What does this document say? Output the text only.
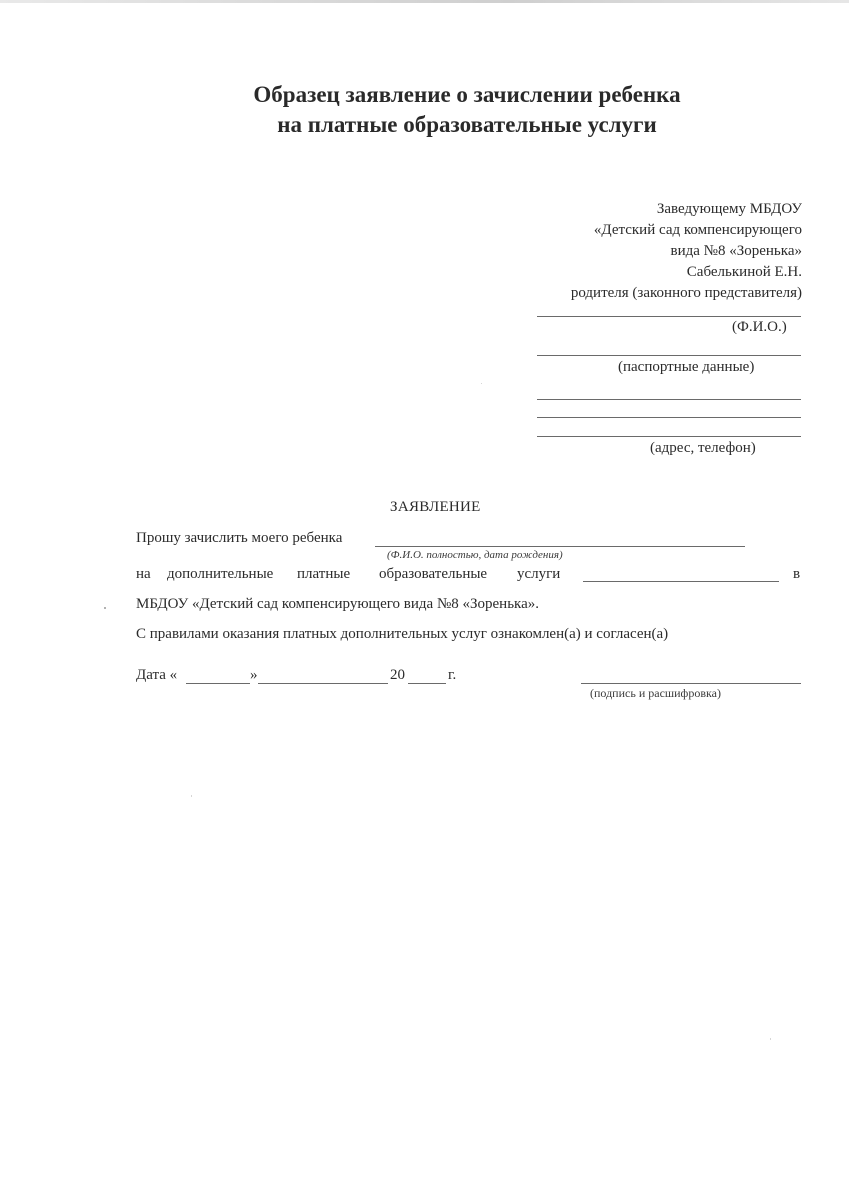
Образец заявление о зачислении ребенка
на платные образовательные услуги
Заведующему МБДОУ
«Детский сад компенсирующего
вида №8 «Зоренька»
Сабелькиной Е.Н.
родителя (законного представителя)
(Ф.И.О.)
(паспортные данные)
(адрес, телефон)
ЗАЯВЛЕНИЕ
Прошу зачислить моего ребенка
(Ф.И.О. полностью, дата рождения)
на дополнительные платные образовательные услуги	в
МБДОУ «Детский сад компенсирующего вида №8 «Зоренька».
С правилами оказания платных дополнительных услуг ознакомлен(а) и согласен(а)
Дата «	»	20	г.
(подпись и расшифровка)
